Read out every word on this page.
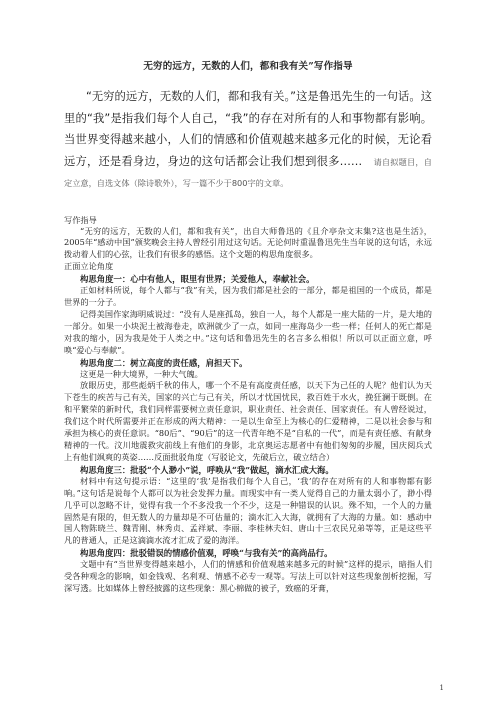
无穷的远方，无数的人们，都和我有关”写作指导

“无穷的远方，无数的人们，都和我有关。”这是鲁迅先生的一句话。这里的“我”是指我们每个人自己，“我”的存在对所有的人和事物都有影响。当世界变得越来越小，人们的情感和价值观越来越多元化的时候，无论看远方，还是看身边，身边的这句话都会让我们想到很多…… 请自拟题目，自定立意，自选文体（除诗歌外），写一篇不少于800字的文章。

写作指导

“无穷的远方，无数的人们，都和我有关”，出自大师鲁迅的《且介亭杂文末集?这也是生活》，2005年“感动中国”颁奖晚会主持人曾经引用过这句话。无论何时重温鲁迅先生当年说的这句话，永远拨动着人们的心弦，让我们有很多的感悟。这个文题的构思角度很多。

正面立论角度

构思角度一：心中有他人，眼里有世界；关爱他人，奉献社会。

正如材料所说，每个人都与“我”有关，因为我们都是社会的一部分，都是祖国的一个成员，都是世界的一分子。

记得美国作家海明威说过：“没有人是座孤岛，独自一人，每个人都是一座大陆的一片，是大地的一部分。如果一小块泥土被海卷走，欧洲就少了一点，如同一座海岛少一些一样；任何人的死亡都是对我的缩小，因为我是处于人类之中。”这句话和鲁迅先生的名言多么相似！所以可以正面立意，呼唤“爱心与奉献”。

构思角度二：树立高度的责任感，肩担天下。

这更是一种大境界，一种大气魄。

放眼历史，那些彪炳千秋的伟人，哪一个不是有高度责任感，以天下为己任的人呢？他们认为天下苍生的疾苦与己有关，国家的兴亡与己有关，所以才忧国忧民，救百姓于水火，挽狂澜于既倒。在和平繁荣的新时代，我们同样需要树立责任意识，职业责任、社会责任、国家责任。有人曾经说过，我们这个时代所需要并正在形成的两大精神：一是以生命至上为核心的仁爱精神，二是以社会参与和承担为核心的责任意识。“80后”、“90后”的这一代青年绝不是“自私的一代”，而是有责任感、有献身精神的一代。汶川地震救灾前线上有他们的身影，北京奥运志愿者中有他们匆匆的步履，国庆阅兵式上有他们飒爽的英姿……反面批驳角度（写驳论文，先破后立，破立结合）

构思角度三：批驳“个人渺小”说，呼唤从“我”做起，滴水汇成大海。

材料中有这句提示语：“这里的‘我’是指我们每个人自己，‘我’的存在对所有的人和事物都有影响。”这句话是说每个人都可以为社会发挥力量。而现实中有一类人觉得自己的力量太弱小了，渺小得几乎可以忽略不计，觉得有我一个不多没我一个不少，这是一种错误的认识。殊不知，一个人的力量固然是有限的，但无数人的力量却是不可估量的；滴水汇入大海，就拥有了大海的力量。如：感动中国人物陈晓兰、魏青刚、林秀贞、孟祥斌、李丽、李桂林夫妇、唐山十三农民兄弟等等，正是这些平凡的普通人，正是这滴滴水流才汇成了爱的海洋。

构思角度四：批驳错误的情感价值观，呼唤“与我有关”的高尚品行。

文题中有“当世界变得越来越小，人们的情感和价值观越来越多元的时候”这样的提示，暗指人们受各种观念的影响，如金钱观、名利观、情感不必专一观等。写法上可以针对这些现象剖析挖掘，写深写透。比如媒体上曾经披露的这些现象：黑心棉做的被子，致癌的牙膏，

1
